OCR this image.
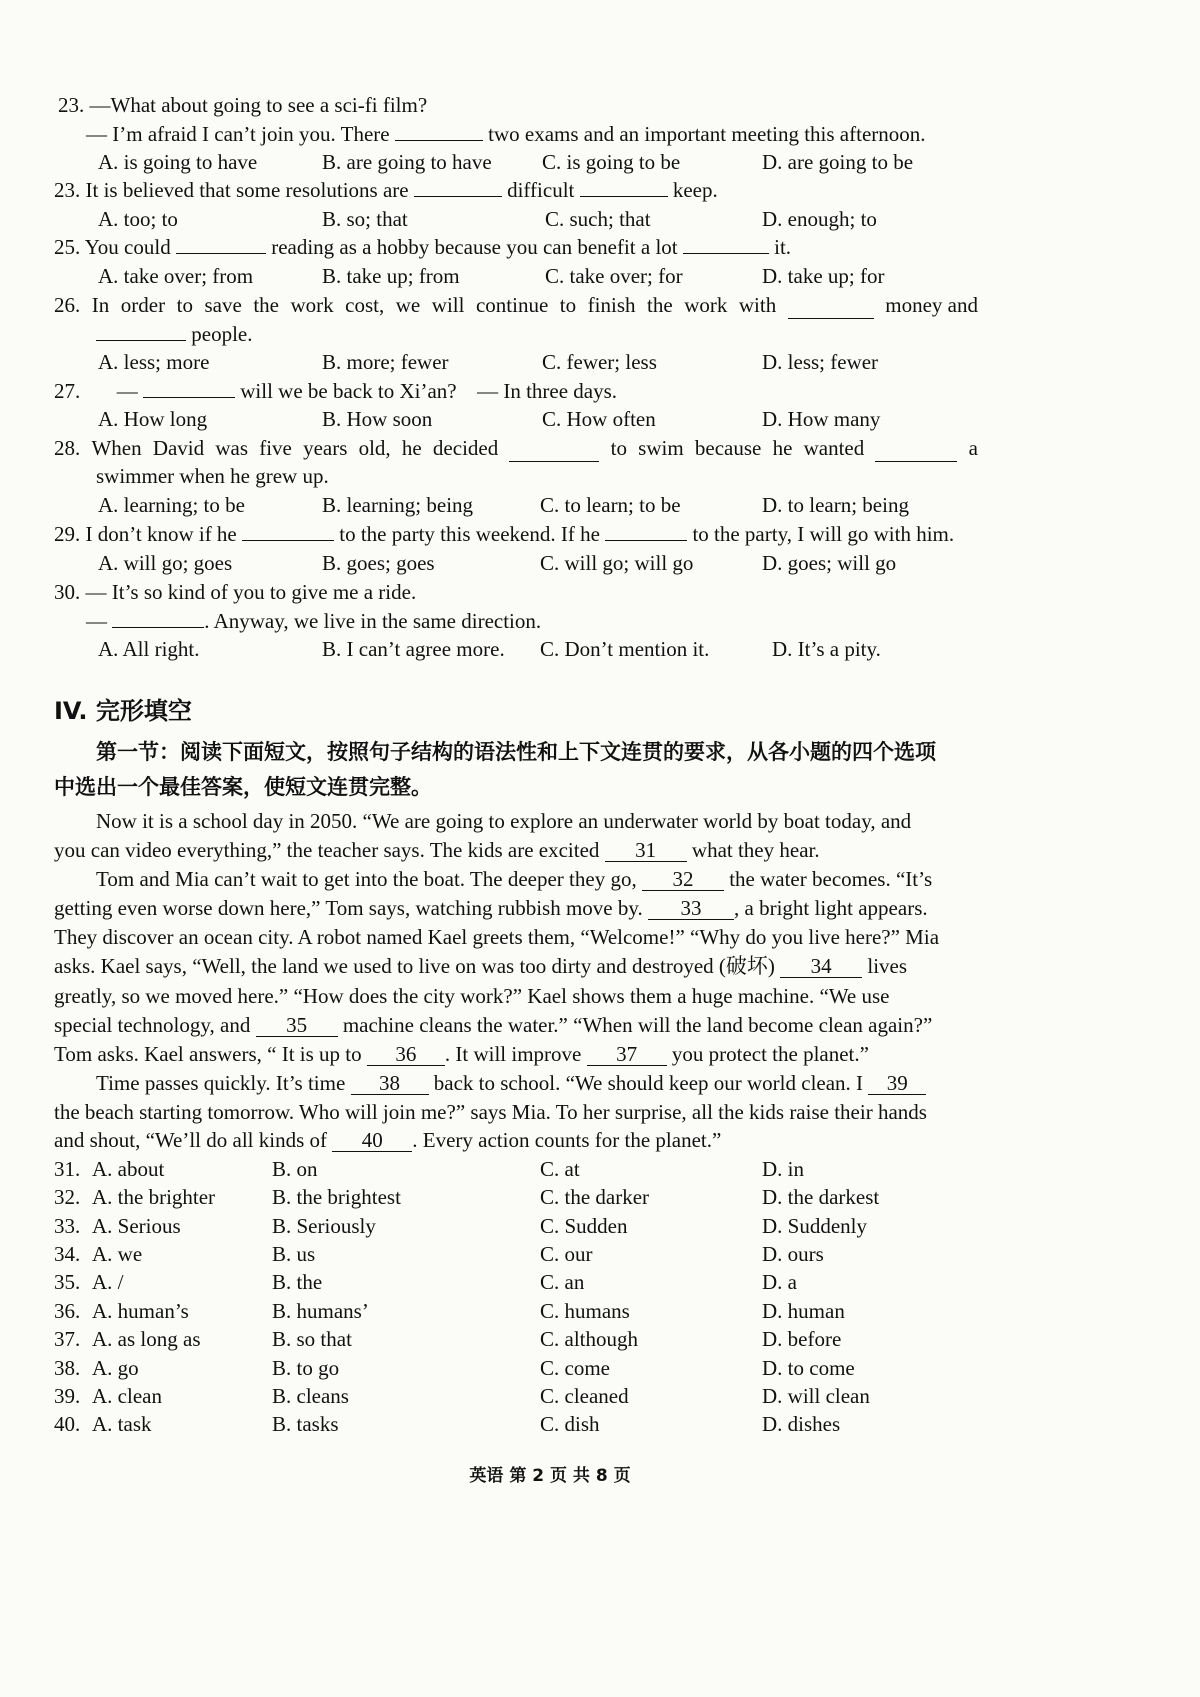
23. —What about going to see a sci-fi film?
— I’m afraid I can’t join you. There	two exams and an important meeting this afternoon.
A. is going to have	B. are going to have C. is going to be	D. are going to be
23. It is believed that some resolutions are	difficult	keep.
A. too; to	B. so; that	C. such; that	D. enough; to
25. You could	reading as a hobby because you can benefit a lot	it.
A. take over; from	B. take up; from	C. take over; for	D. take up; for
26. In order to save the work cost, we will continue to finish the work with	money and
people.
A. less; more	B. more; fewer	C. fewer; less	D. less; fewer
27. —	will we be back to Xi’an? — In three days.
A. How long	B. How soon	C. How often	D. How many
28. When David was five years old, he decided	to swim because he wanted	a
swimmer when he grew up.
A. learning; to be	B. learning; being	C. to learn; to be	D. to learn; being
29. I don’t know if he	to the party this weekend. If he	to the party, I will go with him.
A. will go; goes	B. goes; goes	C. will go; will go	D. goes; will go
30. — It’s so kind of you to give me a ride.
—	. Anyway, we live in the same direction.
A. All right.	B. I can’t agree more. C. Don’t mention it.	D. It’s a pity.
IV. 完形填空
第一节：阅读下面短文，按照句子结构的语法性和上下文连贯的要求，从各小题的四个选项
中选出一个最佳答案，使短文连贯完整。
Now it is a school day in 2050. “We are going to explore an underwater world by boat today, and
you can video everything,” the teacher says. The kids are excited 31 what they hear.
Tom and Mia can’t wait to get into the boat. The deeper they go, 32 the water becomes. “It’s
getting even worse down here,” Tom says, watching rubbish move by. 33 , a bright light appears.
They discover an ocean city. A robot named Kael greets them, “Welcome!” “Why do you live here?” Mia
asks. Kael says, “Well, the land we used to live on was too dirty and destroyed (破坏) 34 lives
greatly, so we moved here.” “How does the city work?” Kael shows them a huge machine. “We use
special technology, and 35 machine cleans the water.” “When will the land become clean again?”
Tom asks. Kael answers, “ It is up to 36 . It will improve 37 you protect the planet.”
Time passes quickly. It’s time 38 back to school. “We should keep our world clean. I 39
the beach starting tomorrow. Who will join me?” says Mia. To her surprise, all the kids raise their hands
and shout, “We’ll do all kinds of 40 . Every action counts for the planet.”
31. A. about	B. on	C. at	D. in
32. A. the brighter	B. the brightest	C. the darker	D. the darkest
33. A. Serious	B. Seriously	C. Sudden	D. Suddenly
34. A. we	B. us	C. our	D. ours
35. A. /	B. the	C. an	D. a
36. A. human’s	B. humans’	C. humans	D. human
37. A. as long as	B. so that	C. although	D. before
38. A. go	B. to go	C. come	D. to come
39. A. clean	B. cleans	C. cleaned	D. will clean
40. A. task	B. tasks	C. dish	D. dishes
英语 第 2 页 共 8 页
